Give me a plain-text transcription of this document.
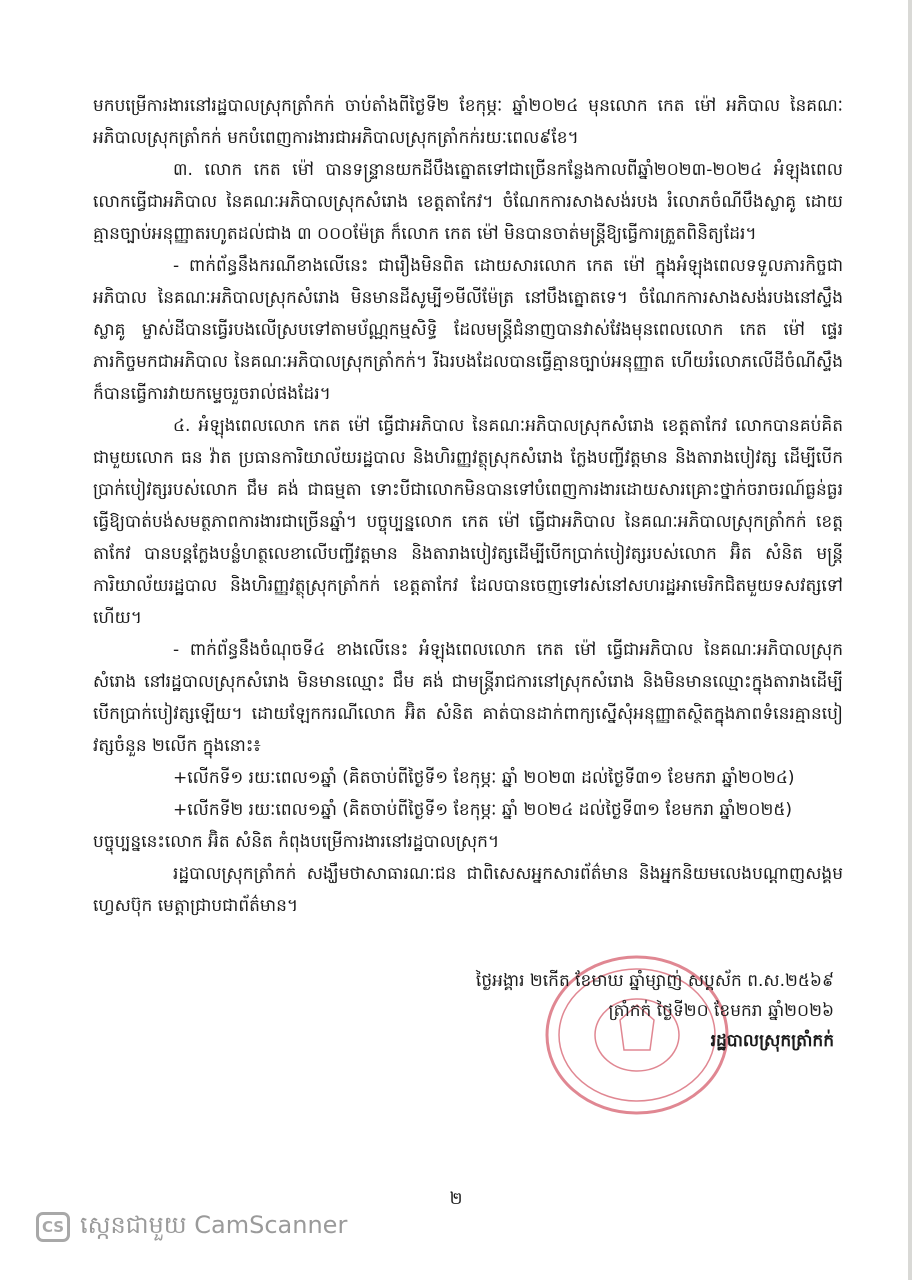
មកបម្រើការងារនៅរដ្ឋបាលស្រុកត្រាំកក់ ចាប់តាំងពីថ្ងៃទី២ ខែកុម្ភៈ ឆ្នាំ២០២៤ មុនលោក កេត ម៉ៅ អភិបាល នៃគណៈអភិបាលស្រុកត្រាំកក់ មកបំពេញការងារជាអភិបាលស្រុកត្រាំកក់រយៈពេល៩ខែ។

៣. លោក កេត ម៉ៅ បានទន្ទ្រានយកដីបឹងត្នោតទៅជាច្រើនកន្លែងកាលពីឆ្នាំ២០២៣-២០២៤ អំឡុងពេលលោកធ្វើជាអភិបាល នៃគណៈអភិបាលស្រុកសំរោង ខេត្តតាកែវ។ ចំណែកការសាងសង់របង រំលោភចំណីបឹងស្លាគូ ដោយគ្មានច្បាប់អនុញ្ញាតរហូតដល់ជាង ៣ ០០០ម៉ែត្រ ក៏លោក កេត ម៉ៅ មិនបានចាត់មន្ត្រីឱ្យធ្វើការត្រួតពិនិត្យដែរ។

- ពាក់ព័ន្ធនឹងករណីខាងលើនេះ ជារឿងមិនពិត ដោយសារលោក កេត ម៉ៅ ក្នុងអំឡុងពេលទទួលភារកិច្ចជាអភិបាល នៃគណៈអភិបាលស្រុកសំរោង មិនមានដីសូម្បី១មីលីម៉ែត្រ នៅបឹងត្នោតទេ។ ចំណែកការសាងសង់របងនៅស្ទឹងស្លាគូ ម្ចាស់ដីបានធ្វើរបងលើស្របទៅតាមប័ណ្ណកម្មសិទ្ធិ ដែលមន្ត្រីជំនាញបានវាស់វែងមុនពេលលោក កេត ម៉ៅ ផ្ទេរភារកិច្ចមកជាអភិបាល នៃគណៈអភិបាលស្រុកត្រាំកក់។ រីឯរបងដែលបានធ្វើគ្មានច្បាប់អនុញ្ញាត ហើយរំលោភលើដីចំណីស្ទឹង ក៏បានធ្វើការវាយកម្ទេចរួចរាល់ផងដែរ។

៤. អំឡុងពេលលោក កេត ម៉ៅ ធ្វើជាអភិបាល នៃគណៈអភិបាលស្រុកសំរោង ខេត្តតាកែវ លោកបានគប់គិតជាមួយលោក ធន វ៉ាត ប្រធានការិយាល័យរដ្ឋបាល និងហិរញ្ញវត្ថុស្រុកសំរោង ក្លែងបញ្ជីវត្តមាន និងតារាងបៀវត្ស ដើម្បីបើកប្រាក់បៀវត្សរបស់លោក ជឹម គង់ ជាធម្មតា ទោះបីជាលោកមិនបានទៅបំពេញការងារដោយសារគ្រោះថ្នាក់ចរាចរណ៍ធ្ងន់ធ្ងរ ធ្វើឱ្យបាត់បង់សមត្ថភាពការងារជាច្រើនឆ្នាំ។ បច្ចុប្បន្នលោក កេត ម៉ៅ ធ្វើជាអភិបាល នៃគណៈអភិបាលស្រុកត្រាំកក់ ខេត្តតាកែវ បានបន្តក្លែងបន្លំហត្ថលេខាលើបញ្ជីវត្តមាន និងតារាងបៀវត្សដើម្បីបើកប្រាក់បៀវត្សរបស់លោក អ៊ិត សំនិត មន្ត្រីការិយាល័យរដ្ឋបាល និងហិរញ្ញវត្ថុស្រុកត្រាំកក់ ខេត្តតាកែវ ដែលបានចេញទៅរស់នៅសហរដ្ឋអាមេរិកជិតមួយទសវត្សទៅហើយ។

- ពាក់ព័ន្ធនឹងចំណុចទី៤ ខាងលើនេះ អំឡុងពេលលោក កេត ម៉ៅ ធ្វើជាអភិបាល នៃគណៈអភិបាលស្រុកសំរោង នៅរដ្ឋបាលស្រុកសំរោង មិនមានឈ្មោះ ជឹម គង់ ជាមន្ត្រីរាជការនៅស្រុកសំរោង និងមិនមានឈ្មោះក្នុងតារាងដើម្បីបើកប្រាក់បៀវត្សឡើយ។ ដោយឡែកករណីលោក អ៊ិត សំនិត គាត់បានដាក់ពាក្យស្នើសុំអនុញ្ញាតស្ថិតក្នុងភាពទំនេរគ្មានបៀវត្សចំនួន ២លើក ក្នុងនោះ៖

+លើកទី១ រយៈពេល១ឆ្នាំ (គិតចាប់ពីថ្ងៃទី១ ខែកុម្ភៈ ឆ្នាំ ២០២៣ ដល់ថ្ងៃទី៣១ ខែមករា ឆ្នាំ២០២៤)

+លើកទី២ រយៈពេល១ឆ្នាំ (គិតចាប់ពីថ្ងៃទី១ ខែកុម្ភៈ ឆ្នាំ ២០២៤ ដល់ថ្ងៃទី៣១ ខែមករា ឆ្នាំ២០២៥)

បច្ចុប្បន្ននេះលោក អ៊ិត សំនិត កំពុងបម្រើការងារនៅរដ្ឋបាលស្រុក។

រដ្ឋបាលស្រុកត្រាំកក់ សង្ឃឹមថាសាធារណៈជន ជាពិសេសអ្នកសារព័ត៌មាន និងអ្នកនិយមលេងបណ្ដាញសង្គមហ្វេសប៊ុក មេត្តាជ្រាបជាព័ត៌មាន។

ថ្ងៃអង្គារ ២កើត ខែមាឃ ឆ្នាំម្សាញ់ សប្តស័ក ព.ស.២៥៦៩
ត្រាំកក់ ថ្ងៃទី២០ ខែមករា ឆ្នាំ២០២៦
រដ្ឋបាលស្រុកត្រាំកក់
២
CS ស្កេនជាមួយ CamScanner
